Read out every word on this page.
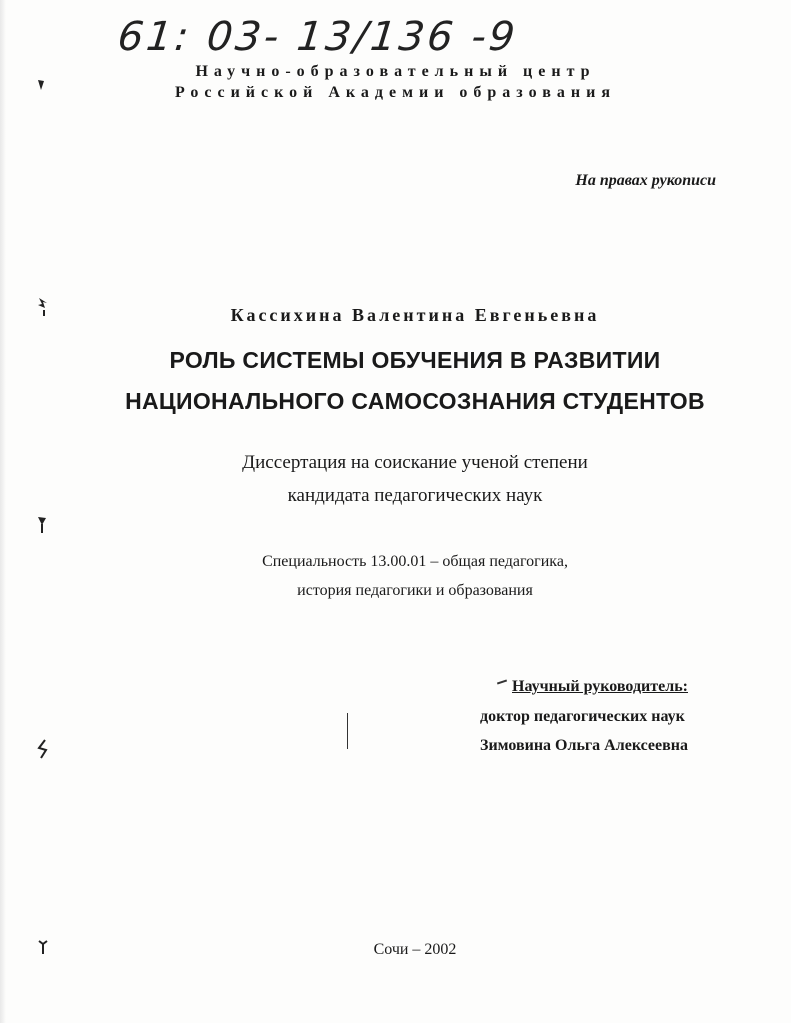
61: 03- 13/136 -9
Научно-образовательный центр
Российской Академии образования
На правах рукописи
Кассихина Валентина Евгеньевна
РОЛЬ СИСТЕМЫ ОБУЧЕНИЯ В РАЗВИТИИ
НАЦИОНАЛЬНОГО САМОСОЗНАНИЯ СТУДЕНТОВ
Диссертация на соискание ученой степени
кандидата педагогических наук
Специальность 13.00.01 – общая педагогика,
история педагогики и образования
Научный руководитель:
доктор педагогических наук
Зимовина Ольга Алексеевна
Сочи – 2002
